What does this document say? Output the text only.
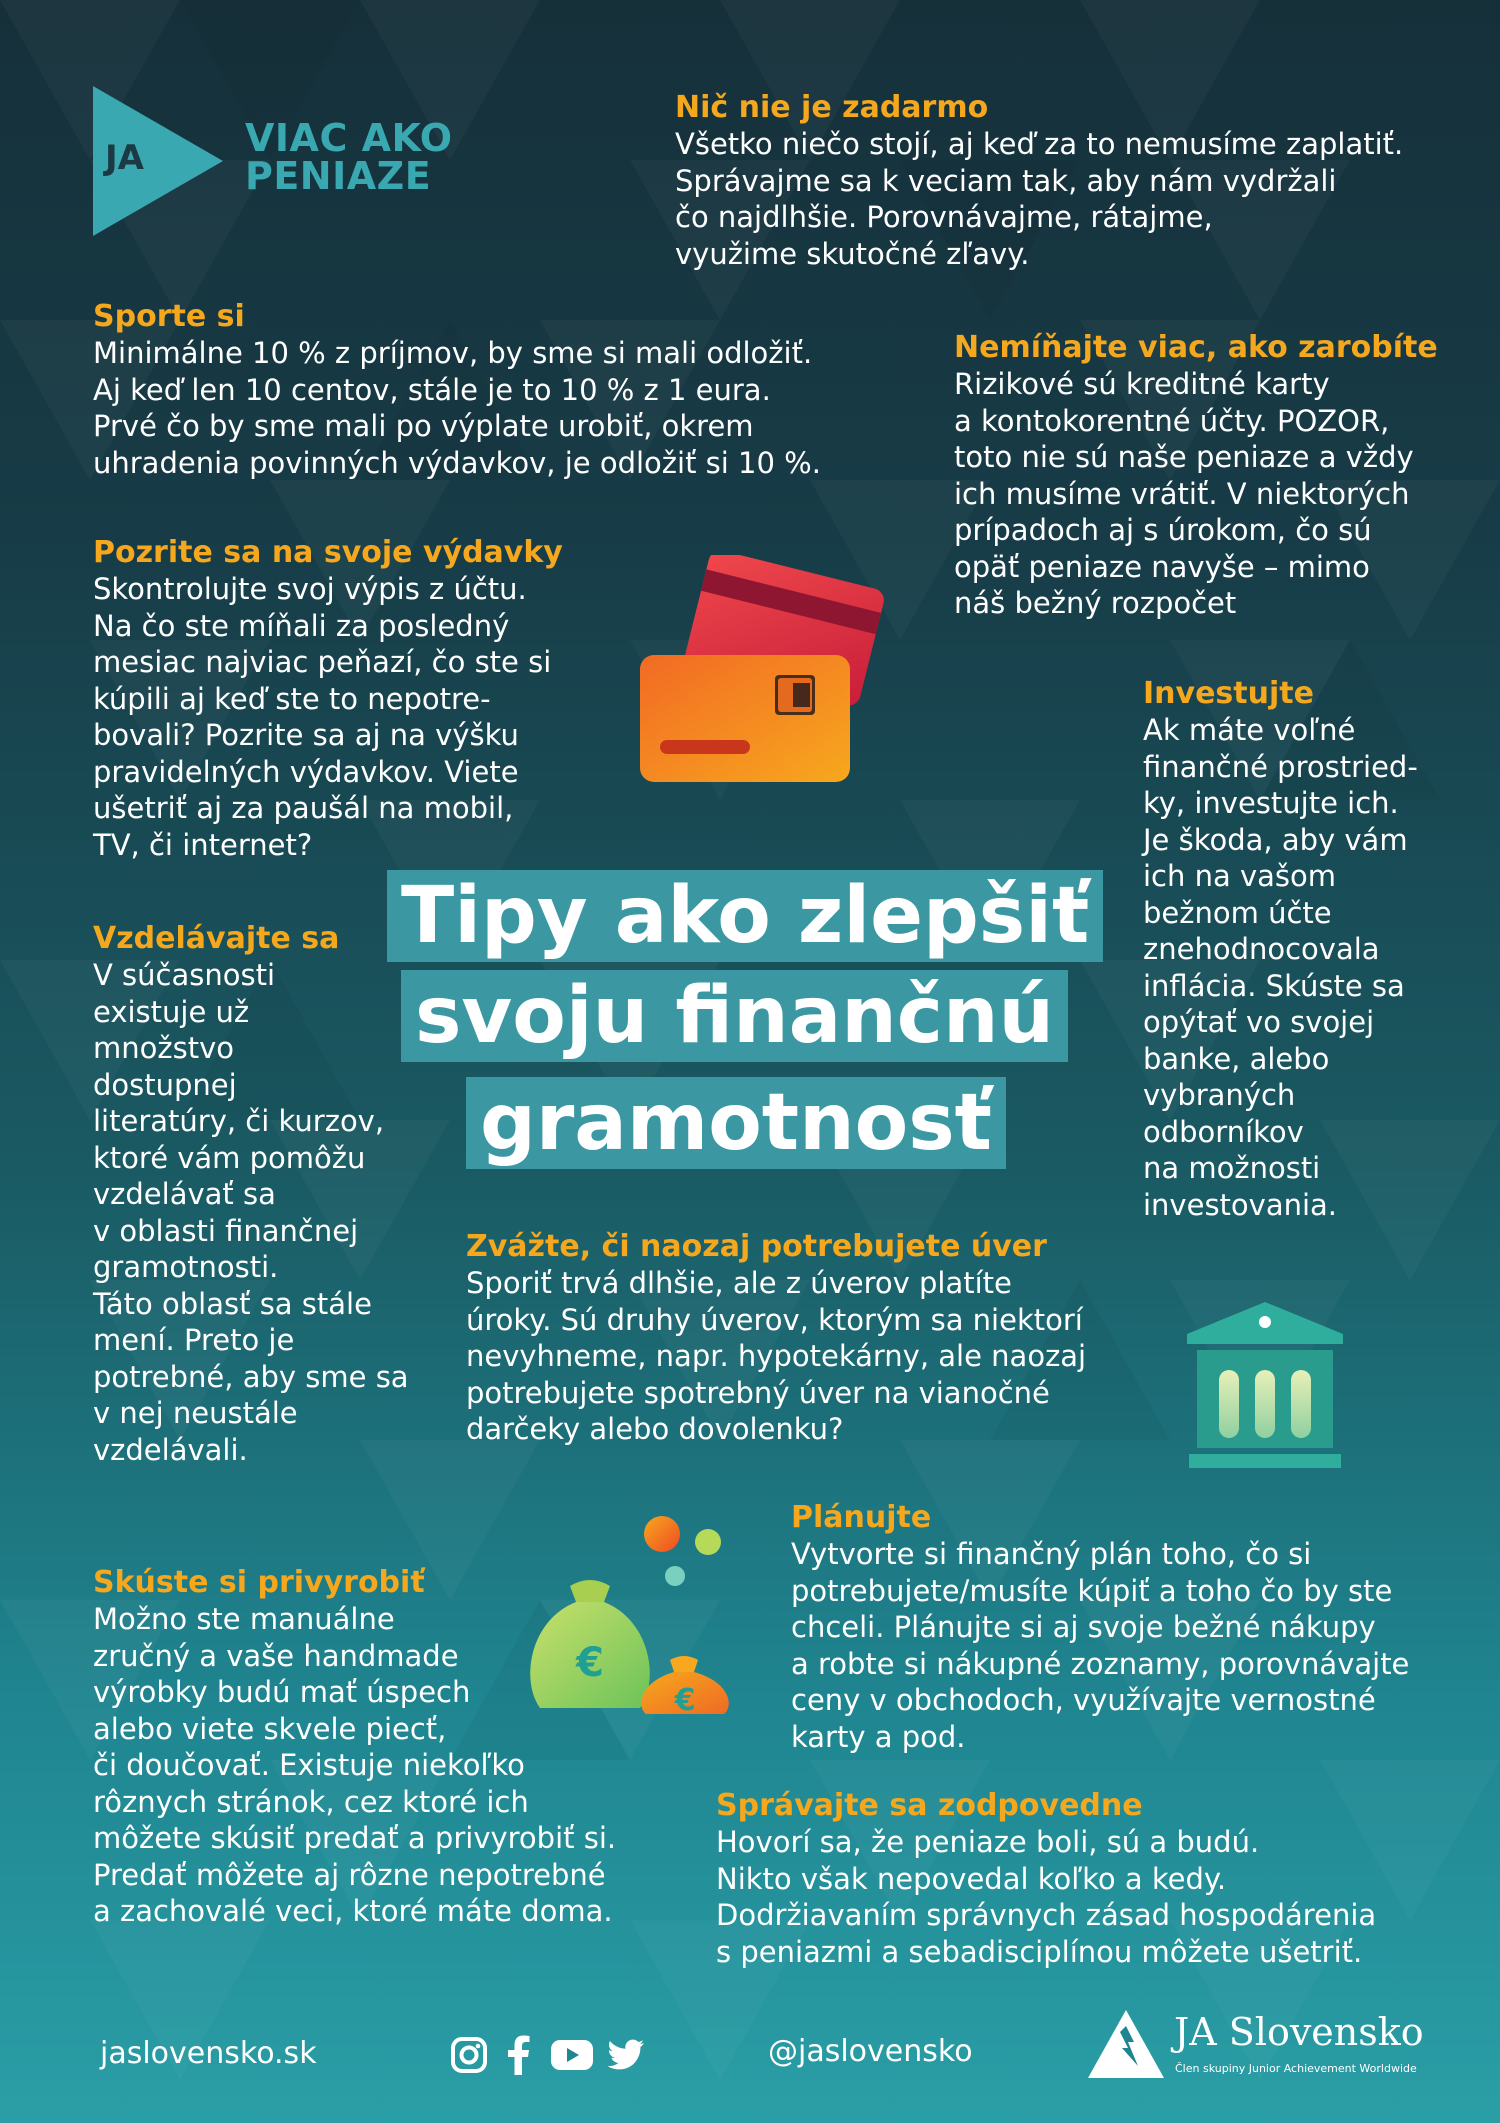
JA	VIAC AKO
PENIAZE
Nič nie je zadarmo

Všetko niečo stojí, aj keď za to nemusíme zaplatiť.
Správajme sa k veciam tak, aby nám vydržali
čo najdlhšie. Porovnávajme, rátajme,
využime skutočné zľavy.

Sporte si

Minimálne 10 % z príjmov, by sme si mali odložiť.
Aj keď len 10 centov, stále je to 10 % z 1 eura.
Prvé čo by sme mali po výplate urobiť, okrem
uhradenia povinných výdavkov, je odložiť si 10 %.

Nemíňajte viac, ako zarobíte

Rizikové sú kreditné karty
a kontokorentné účty. POZOR,
toto nie sú naše peniaze a vždy
ich musíme vrátiť. V niektorých
prípadoch aj s úrokom, čo sú
opäť peniaze navyše – mimo
náš bežný rozpočet

Pozrite sa na svoje výdavky

Skontrolujte svoj výpis z účtu.
Na čo ste míňali za posledný
mesiac najviac peňazí, čo ste si
kúpili aj keď ste to nepotre-
bovali? Pozrite sa aj na výšku
pravidelných výdavkov. Viete
ušetriť aj za paušál na mobil,
TV, či internet?

Investujte

Ak máte voľné
finančné prostried-
ky, investujte ich.
Je škoda, aby vám
ich na vašom
bežnom účte
znehodnocovala
inflácia. Skúste sa
opýtať vo svojej
banke, alebo
vybraných
odborníkov
na možnosti
investovania.

Tipy ako zlepšiť
svoju finančnú
gramotnosť
Vzdelávajte sa

V súčasnosti
existuje už
množstvo
dostupnej
literatúry, či kurzov,
ktoré vám pomôžu
vzdelávať sa
v oblasti finančnej
gramotnosti.
Táto oblasť sa stále
mení. Preto je
potrebné, aby sme sa
v nej neustále
vzdelávali.

Zvážte, či naozaj potrebujete úver

Sporiť trvá dlhšie, ale z úverov platíte
úroky. Sú druhy úverov, ktorým sa niektorí
nevyhneme, napr. hypotekárny, ale naozaj
potrebujete spotrebný úver na vianočné
darčeky alebo dovolenku?

Plánujte

Vytvorte si finančný plán toho, čo si
potrebujete/musíte kúpiť a toho čo by ste
chceli. Plánujte si aj svoje bežné nákupy
a robte si nákupné zoznamy, porovnávajte
ceny v obchodoch, využívajte vernostné
karty a pod.

€
€
Skúste si privyrobiť

Možno ste manuálne
zručný a vaše handmade
výrobky budú mať úspech
alebo viete skvele piecť,
či doučovať. Existuje niekoľko
rôznych stránok, cez ktoré ich
môžete skúsiť predať a privyrobiť si.
Predať môžete aj rôzne nepotrebné
a zachovalé veci, ktoré máte doma.

Správajte sa zodpovedne

Hovorí sa, že peniaze boli, sú a budú.
Nikto však nepovedal koľko a kedy.
Dodržiavaním správnych zásad hospodárenia
s peniazmi a sebadisciplínou môžete ušetriť.

jaslovensko.sk	@jaslovensko	JA Slovensko
Člen skupiny Junior Achievement Worldwide
